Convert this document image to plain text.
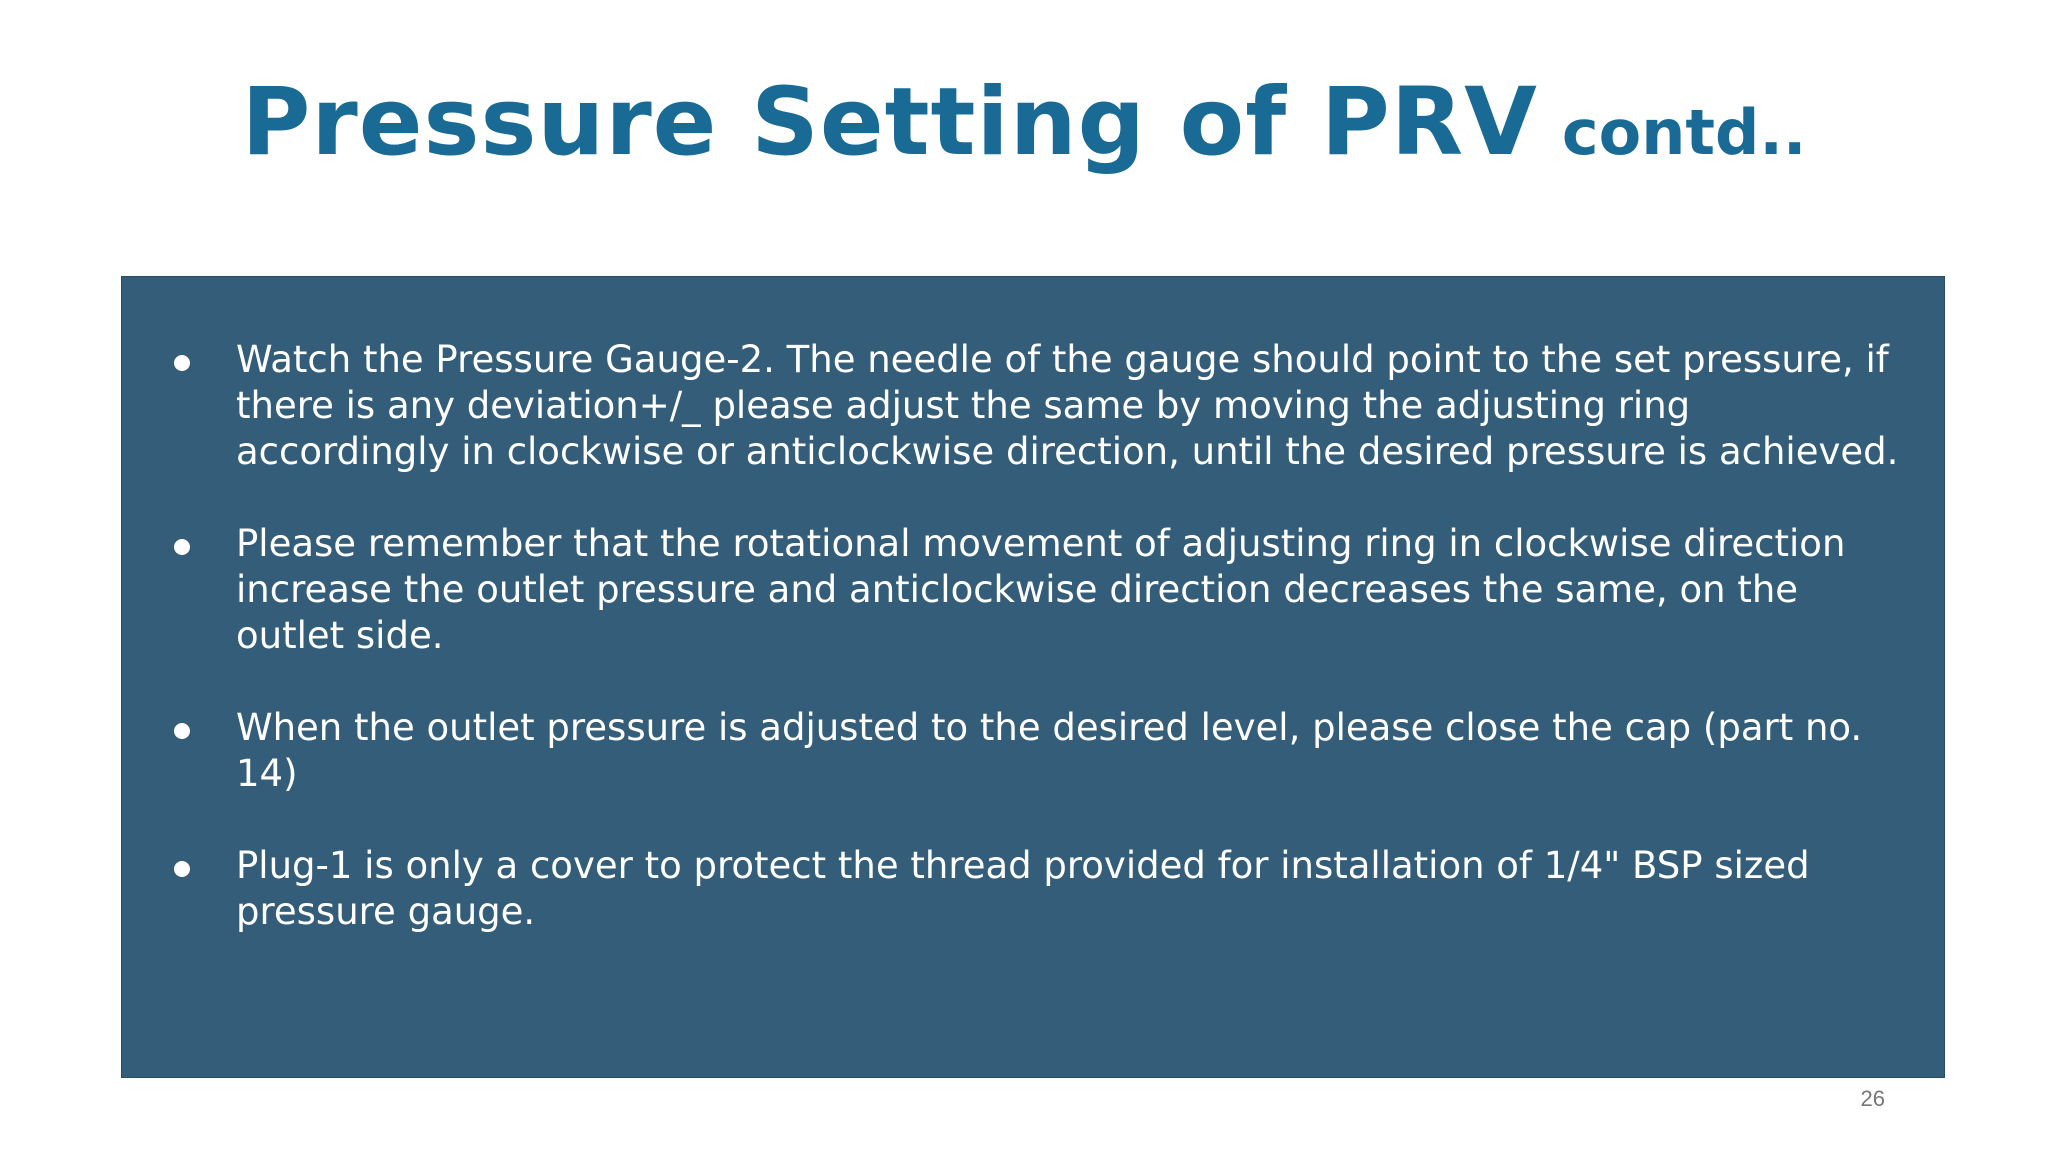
Pressure Setting of PRV contd..
Watch the Pressure Gauge-2. The needle of the gauge should point to the set pressure, if there is any deviation+/_ please adjust the same by moving the adjusting ring accordingly in clockwise or anticlockwise direction, until the desired pressure is achieved.
Please remember that the rotational movement of adjusting ring in clockwise direction increase the outlet pressure and anticlockwise direction decreases the same, on the outlet side.
When the outlet pressure is adjusted to the desired level, please close the cap (part no. 14)
Plug-1 is only a cover to protect the thread provided for installation of 1/4" BSP sized pressure gauge.
26
